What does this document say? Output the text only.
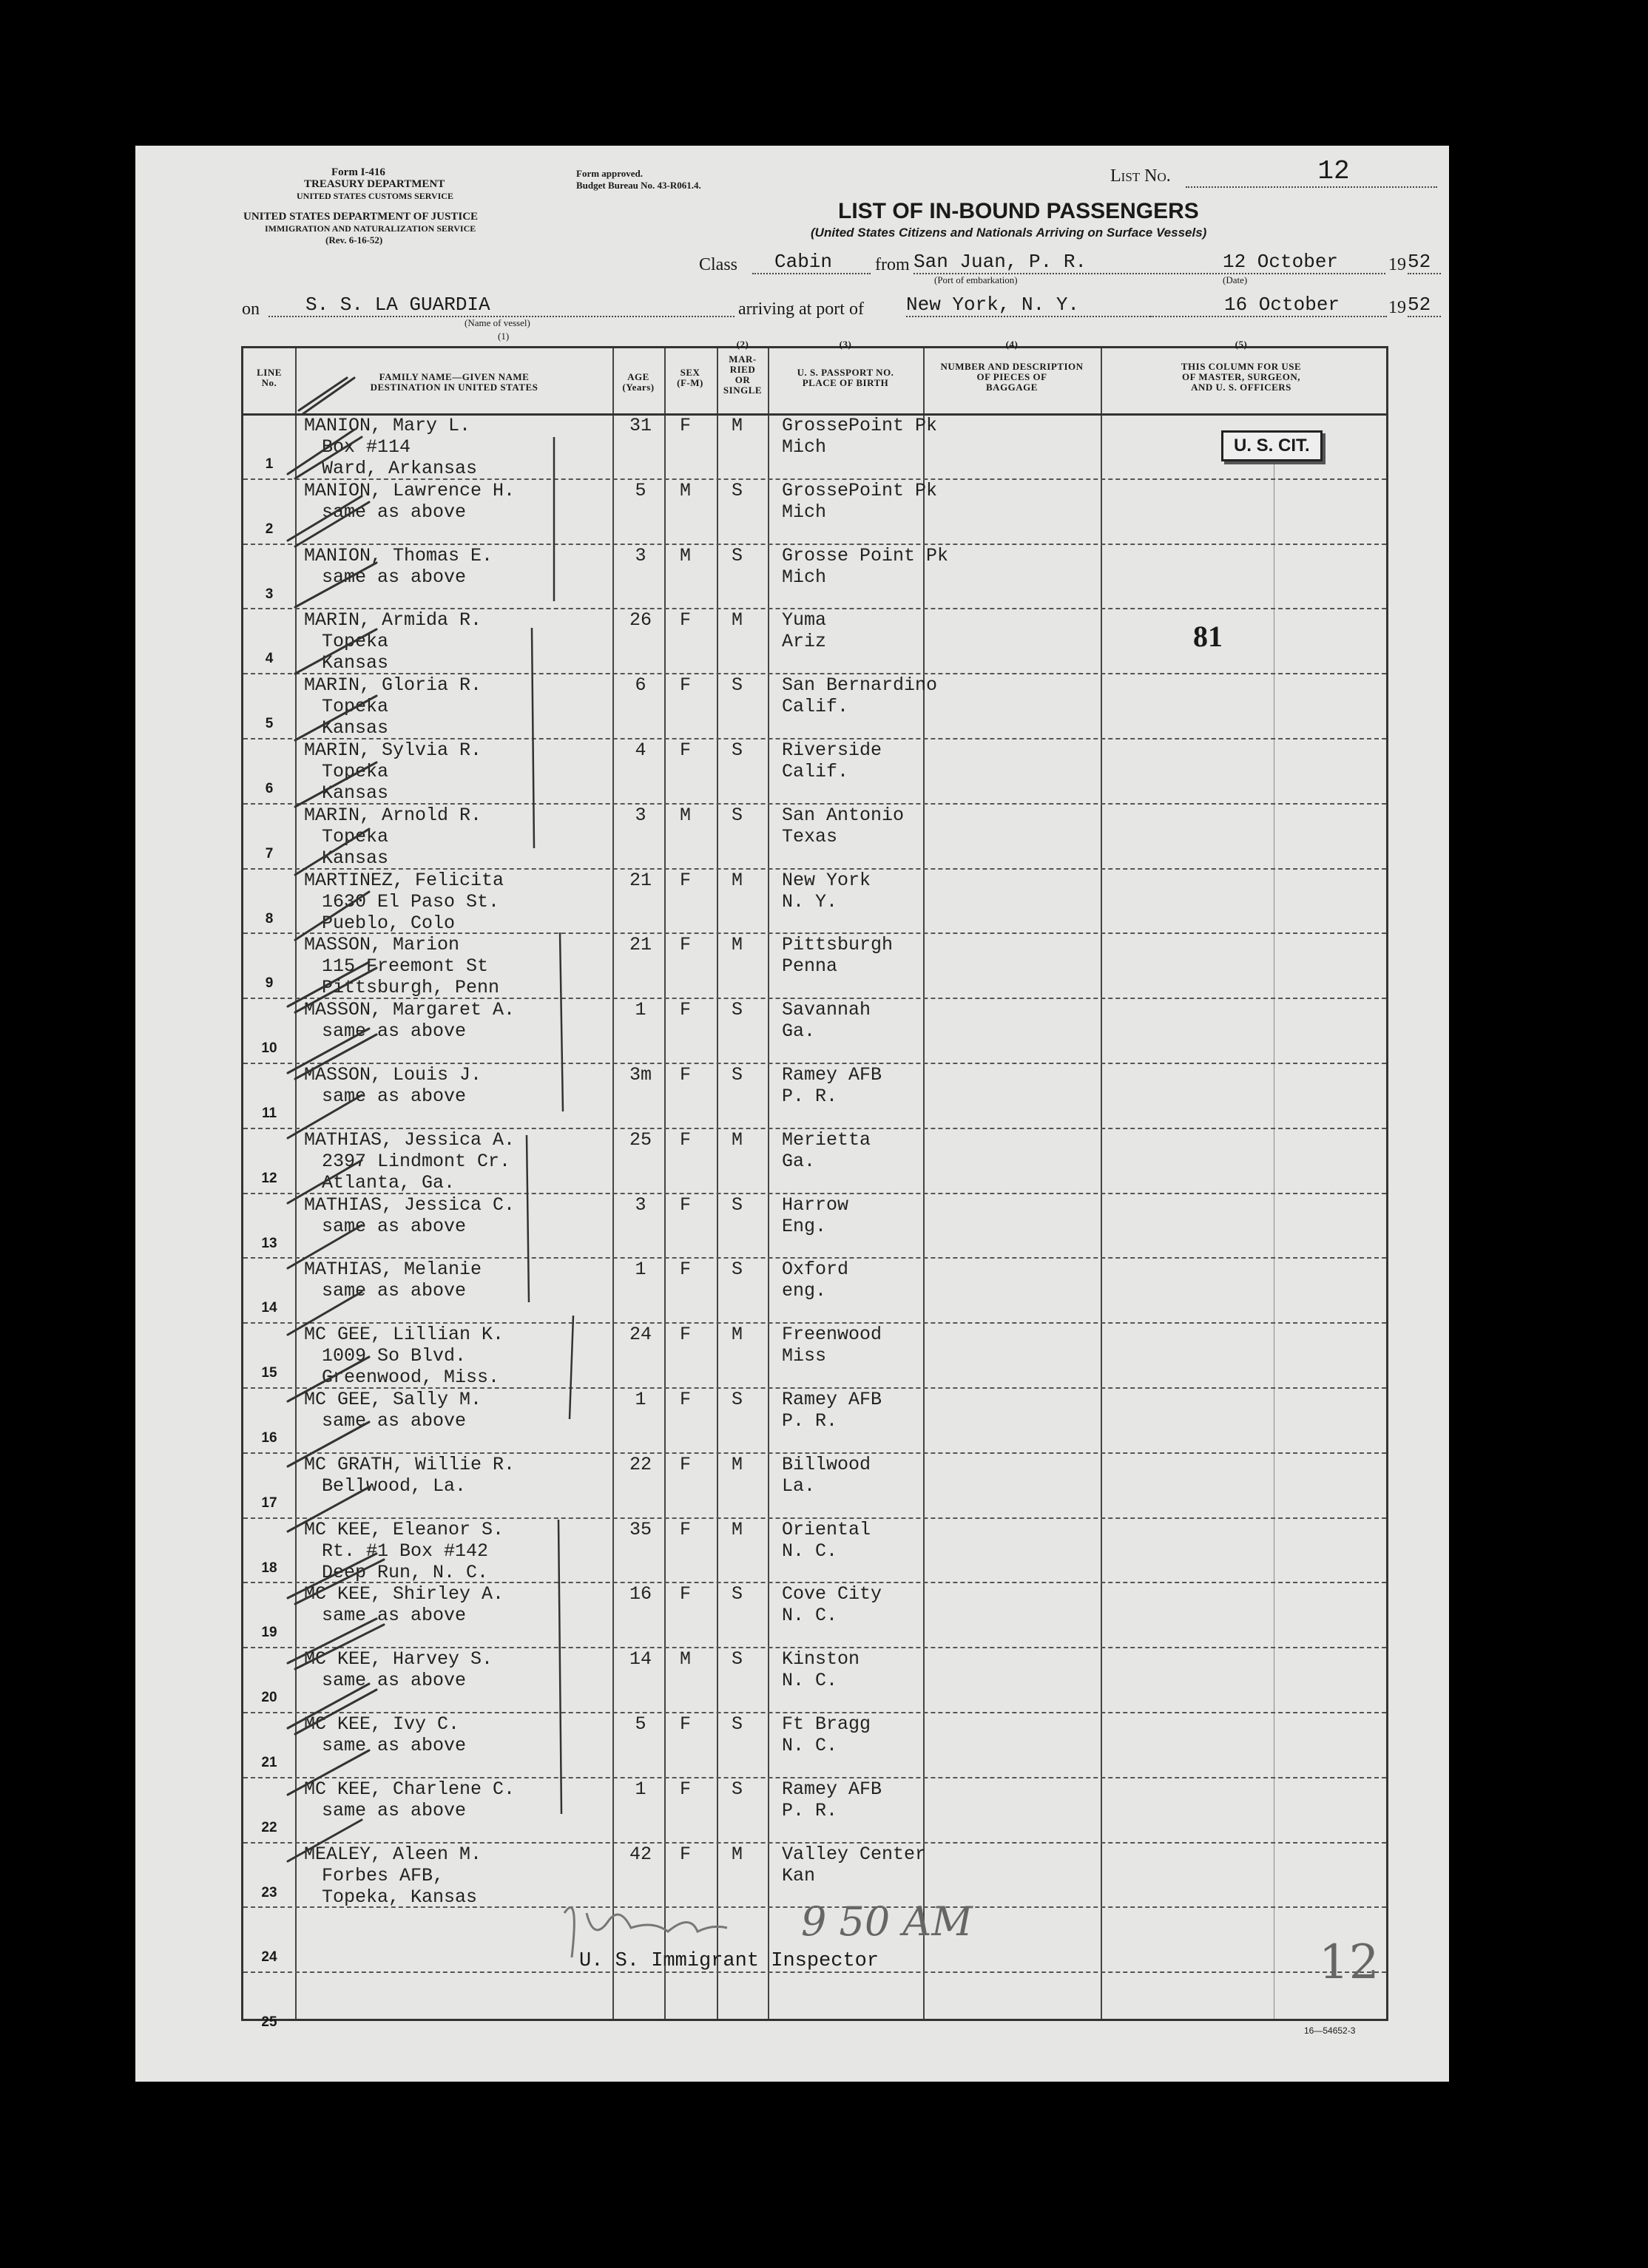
Form I-416
TREASURY DEPARTMENT
UNITED STATES CUSTOMS SERVICE
UNITED STATES DEPARTMENT OF JUSTICE
IMMIGRATION AND NATURALIZATION SERVICE
(Rev. 6-16-52)
Form approved.
Budget Bureau No. 43-R061.4.	List No.	12
LIST OF IN-BOUND PASSENGERS
(United States Citizens and Nationals Arriving on Surface Vessels)
Class	Cabin	from San Juan, P. R.
(Port of embarkation)
12 October
(Date)
19 52
on	S. S. LA GUARDIA
(Name of vessel)
(1)
arriving at port of New York, N. Y.	16 October	19 52
LINE
No.
FAMILY NAME—GIVEN NAME
DESTINATION IN UNITED STATES
AGE
(Years)
SEX
(F-M)
MAR-
RIED
OR
SINGLE
U. S. PASSPORT NO.
PLACE OF BIRTH
NUMBER AND DESCRIPTION
OF PIECES OF
BAGGAGE
THIS COLUMN FOR USE
OF MASTER, SURGEON,
AND U. S. OFFICERS
(2)	(3)	(4)	(5)
1
MANION, Mary L.
Box #114
Ward, Arkansas
31	F M GrossePoint Pk
Mich
2
MANION, Lawrence H.
same as above
5	M S GrossePoint Pk
Mich
3
MANION, Thomas E.
same as above
3	M S Grosse Point Pk
Mich
4
MARIN, Armida R.
Topeka
Kansas
26	F M Yuma
Ariz
5
MARIN, Gloria R.
Topeka
Kansas
6	F S San Bernardino
Calif.
6
MARIN, Sylvia R.
Topeka
Kansas
4	F S Riverside
Calif.
7
MARIN, Arnold R.
Topeka
Kansas
3	M S San Antonio
Texas
8
MARTINEZ, Felicita
1630 El Paso St.
Pueblo, Colo
21	F M New York
N. Y.
9
MASSON, Marion
115 Freemont St
Pittsburgh, Penn
21	F M Pittsburgh
Penna
10
MASSON, Margaret A.
same as above
1	F S Savannah
Ga.
11
MASSON, Louis J.
same as above
3m	F S Ramey AFB
P. R.
12
MATHIAS, Jessica A.
2397 Lindmont Cr.
Atlanta, Ga.
25	F M Merietta
Ga.
13
MATHIAS, Jessica C.
same as above
3	F S Harrow
Eng.
14
MATHIAS, Melanie
same as above
1	F S Oxford
eng.
15
MC GEE, Lillian K.
1009 So Blvd.
Greenwood, Miss.
24	F M Freenwood
Miss
16
MC GEE, Sally M.
same as above
1	F S Ramey AFB
P. R.
17
MC GRATH, Willie R.
Bellwood, La.
22	F M Billwood
La.
18
MC KEE, Eleanor S.
Rt. #1 Box #142
Deep Run, N. C.
35	F M Oriental
N. C.
19
MC KEE, Shirley A.
same as above
16	F S Cove City
N. C.
20
MC KEE, Harvey S.
same as above
14	M S Kinston
N. C.
21
MC KEE, Ivy C.
same as above
5	F S Ft Bragg
N. C.
22
MC KEE, Charlene C.
same as above
1	F S Ramey AFB
P. R.
23
MEALEY, Aleen M.
Forbes AFB,
Topeka, Kansas
42	F M Valley Center
Kan
24
25
U. S. CIT.
81
U. S. Immigrant Inspector
9 50 AM
12
16—54652-3
